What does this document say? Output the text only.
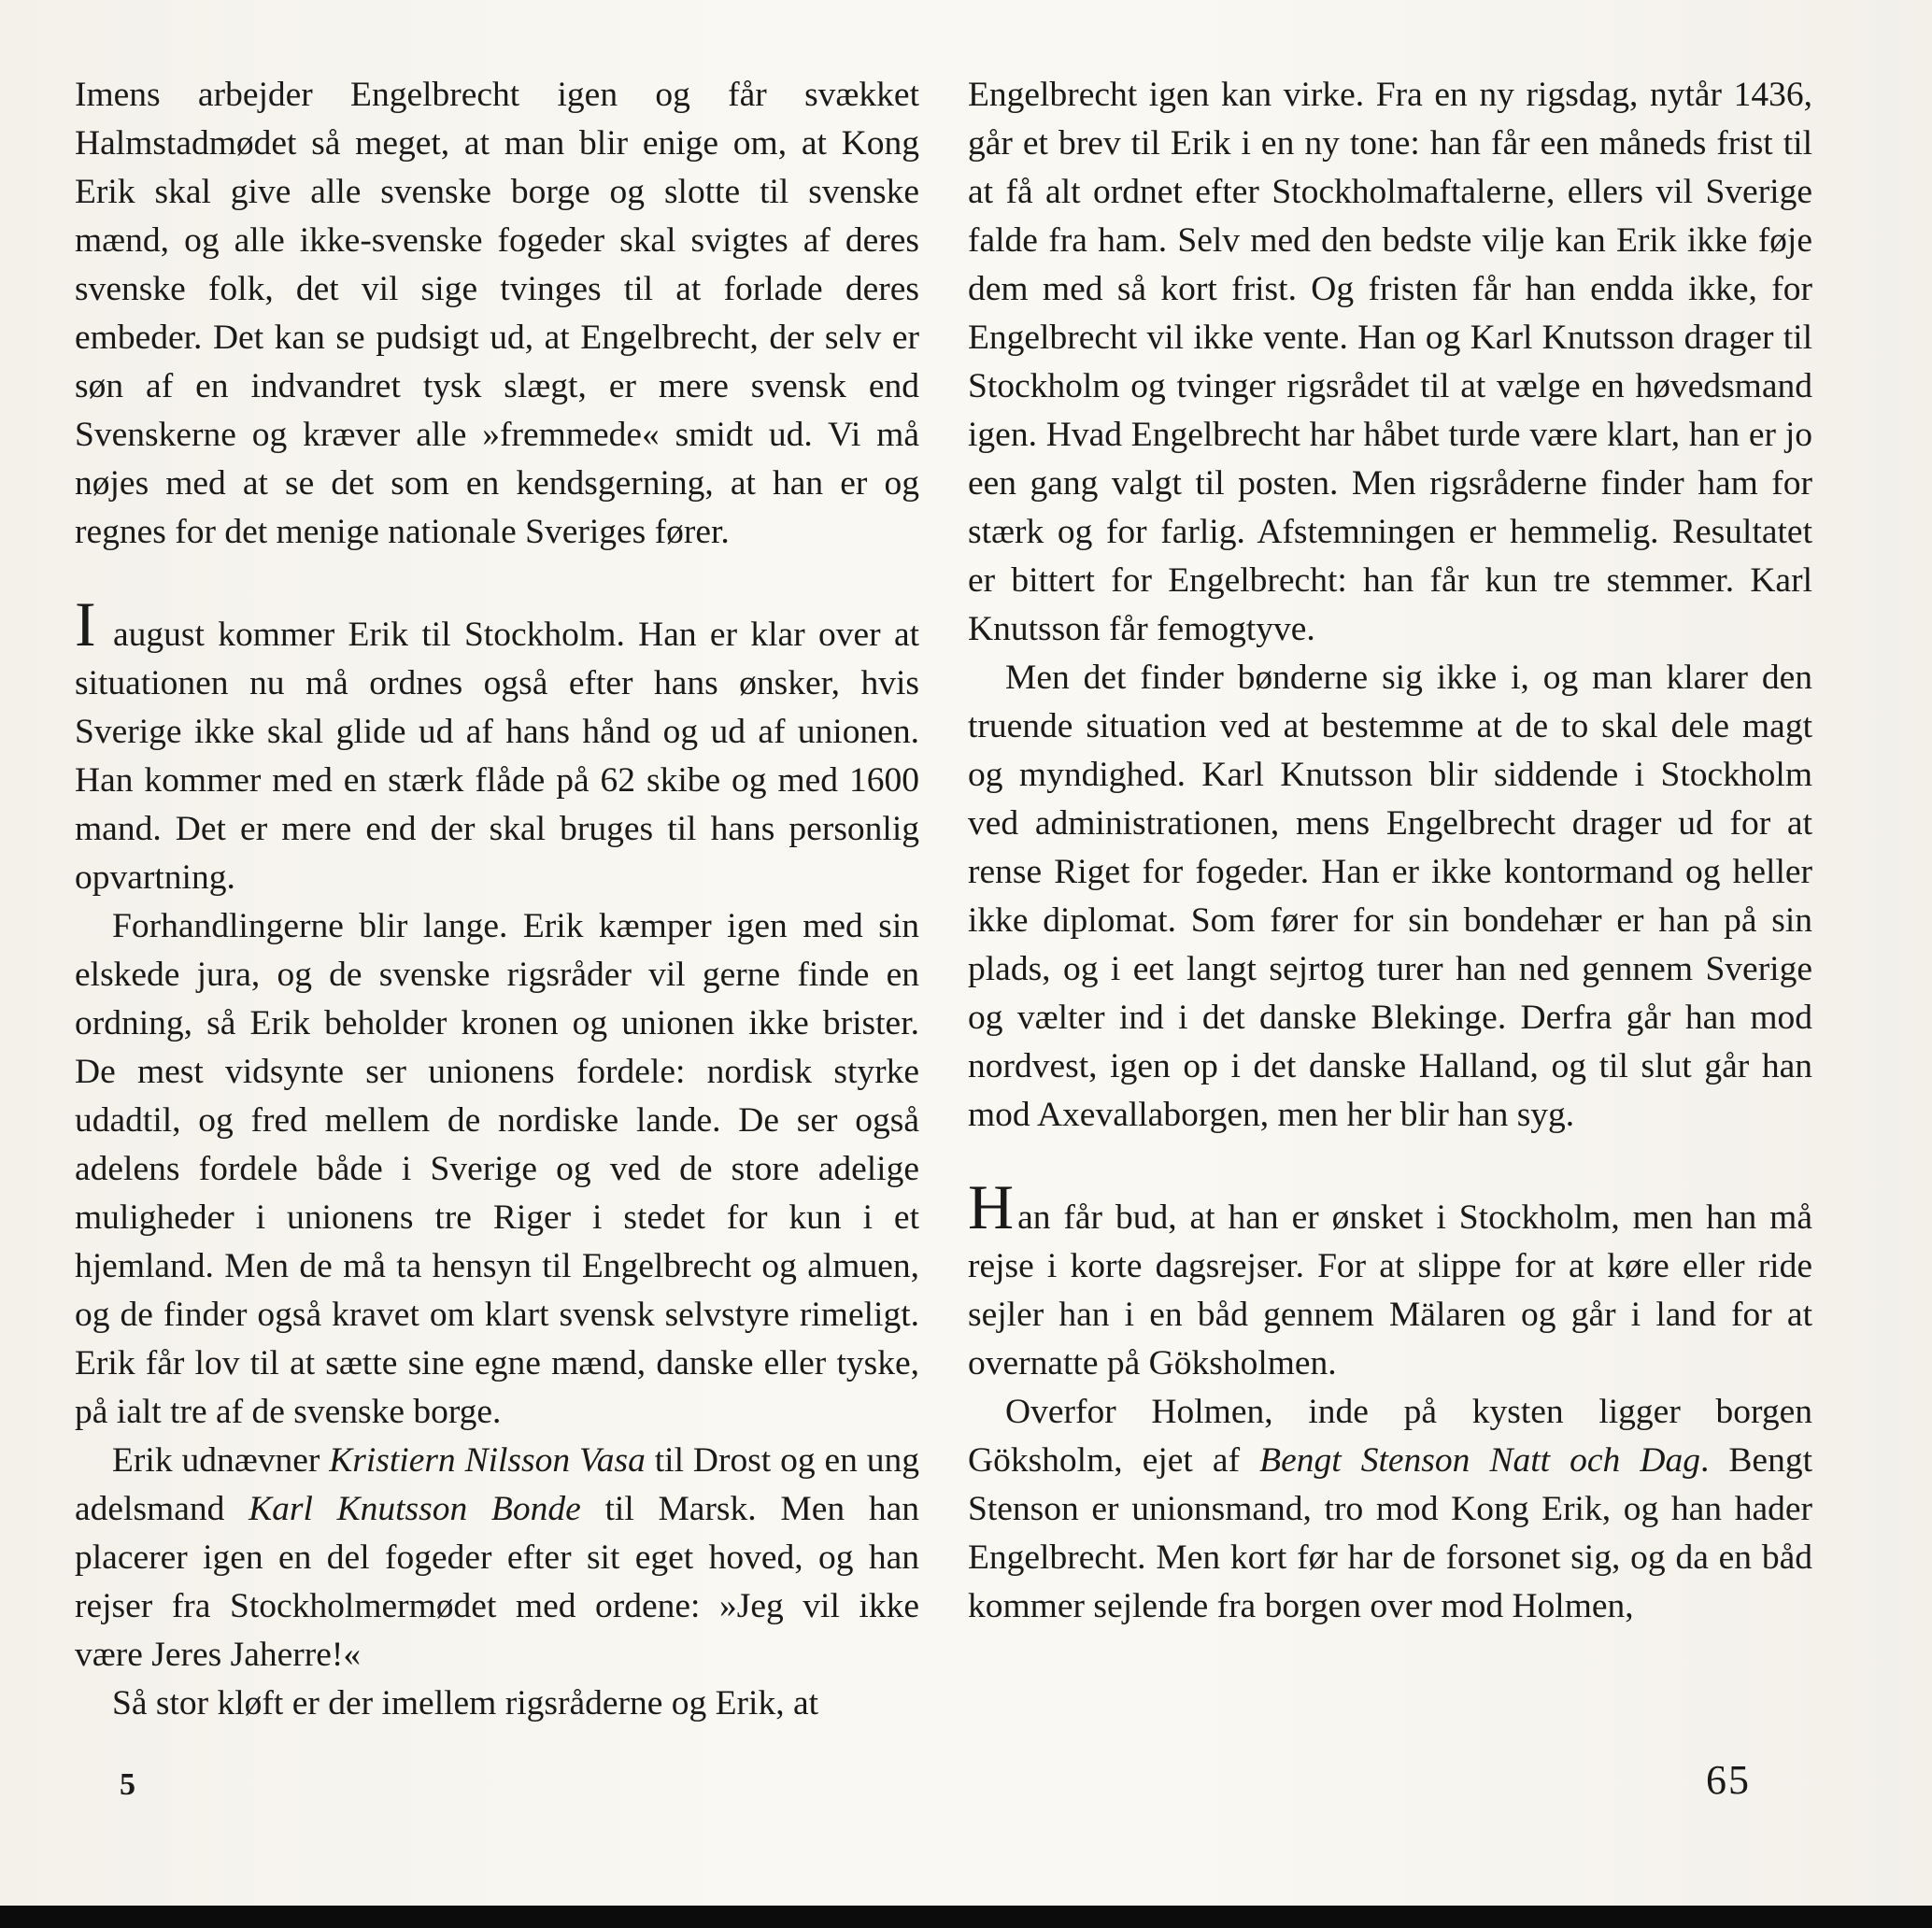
Imens arbejder Engelbrecht igen og får svækket Halmstadmødet så meget, at man blir enige om, at Kong Erik skal give alle svenske borge og slotte til svenske mænd, og alle ikke-svenske fogeder skal svigtes af deres svenske folk, det vil sige tvinges til at forlade deres embeder. Det kan se pudsigt ud, at Engelbrecht, der selv er søn af en indvandret tysk slægt, er mere svensk end Svenskerne og kræver alle »fremmede« smidt ud. Vi må nøjes med at se det som en kendsgerning, at han er og regnes for det menige nationale Sveriges fører.

I august kommer Erik til Stockholm. Han er klar over at situationen nu må ordnes også efter hans ønsker, hvis Sverige ikke skal glide ud af hans hånd og ud af unionen. Han kommer med en stærk flåde på 62 skibe og med 1600 mand. Det er mere end der skal bruges til hans personlig opvartning.

Forhandlingerne blir lange. Erik kæmper igen med sin elskede jura, og de svenske rigsråder vil gerne finde en ordning, så Erik beholder kronen og unionen ikke brister. De mest vidsynte ser unionens fordele: nordisk styrke udadtil, og fred mellem de nordiske lande. De ser også adelens fordele både i Sverige og ved de store adelige muligheder i unionens tre Riger i stedet for kun i et hjemland. Men de må ta hensyn til Engelbrecht og almuen, og de finder også kravet om klart svensk selvstyre rimeligt. Erik får lov til at sætte sine egne mænd, danske eller tyske, på ialt tre af de svenske borge.

Erik udnævner Kristiern Nilsson Vasa til Drost og en ung adelsmand Karl Knutsson Bonde til Marsk. Men han placerer igen en del fogeder efter sit eget hoved, og han rejser fra Stockholmermødet med ordene: »Jeg vil ikke være Jeres Jaherre!«

Så stor kløft er der imellem rigsråderne og Erik, at

Engelbrecht igen kan virke. Fra en ny rigsdag, nytår 1436, går et brev til Erik i en ny tone: han får een måneds frist til at få alt ordnet efter Stockholmaftalerne, ellers vil Sverige falde fra ham. Selv med den bedste vilje kan Erik ikke føje dem med så kort frist. Og fristen får han endda ikke, for Engelbrecht vil ikke vente. Han og Karl Knutsson drager til Stockholm og tvinger rigsrådet til at vælge en høvedsmand igen. Hvad Engelbrecht har håbet turde være klart, han er jo een gang valgt til posten. Men rigsråderne finder ham for stærk og for farlig. Afstemningen er hemmelig. Resultatet er bittert for Engelbrecht: han får kun tre stemmer. Karl Knutsson får femogtyve.

Men det finder bønderne sig ikke i, og man klarer den truende situation ved at bestemme at de to skal dele magt og myndighed. Karl Knutsson blir siddende i Stockholm ved administrationen, mens Engelbrecht drager ud for at rense Riget for fogeder. Han er ikke kontormand og heller ikke diplomat. Som fører for sin bondehær er han på sin plads, og i eet langt sejrtog turer han ned gennem Sverige og vælter ind i det danske Blekinge. Derfra går han mod nordvest, igen op i det danske Halland, og til slut går han mod Axevallaborgen, men her blir han syg.

Han får bud, at han er ønsket i Stockholm, men han må rejse i korte dagsrejser. For at slippe for at køre eller ride sejler han i en båd gennem Mälaren og går i land for at overnatte på Göksholmen.

Overfor Holmen, inde på kysten ligger borgen Göksholm, ejet af Bengt Stenson Natt och Dag. Bengt Stenson er unionsmand, tro mod Kong Erik, og han hader Engelbrecht. Men kort før har de forsonet sig, og da en båd kommer sejlende fra borgen over mod Holmen,

5	65
